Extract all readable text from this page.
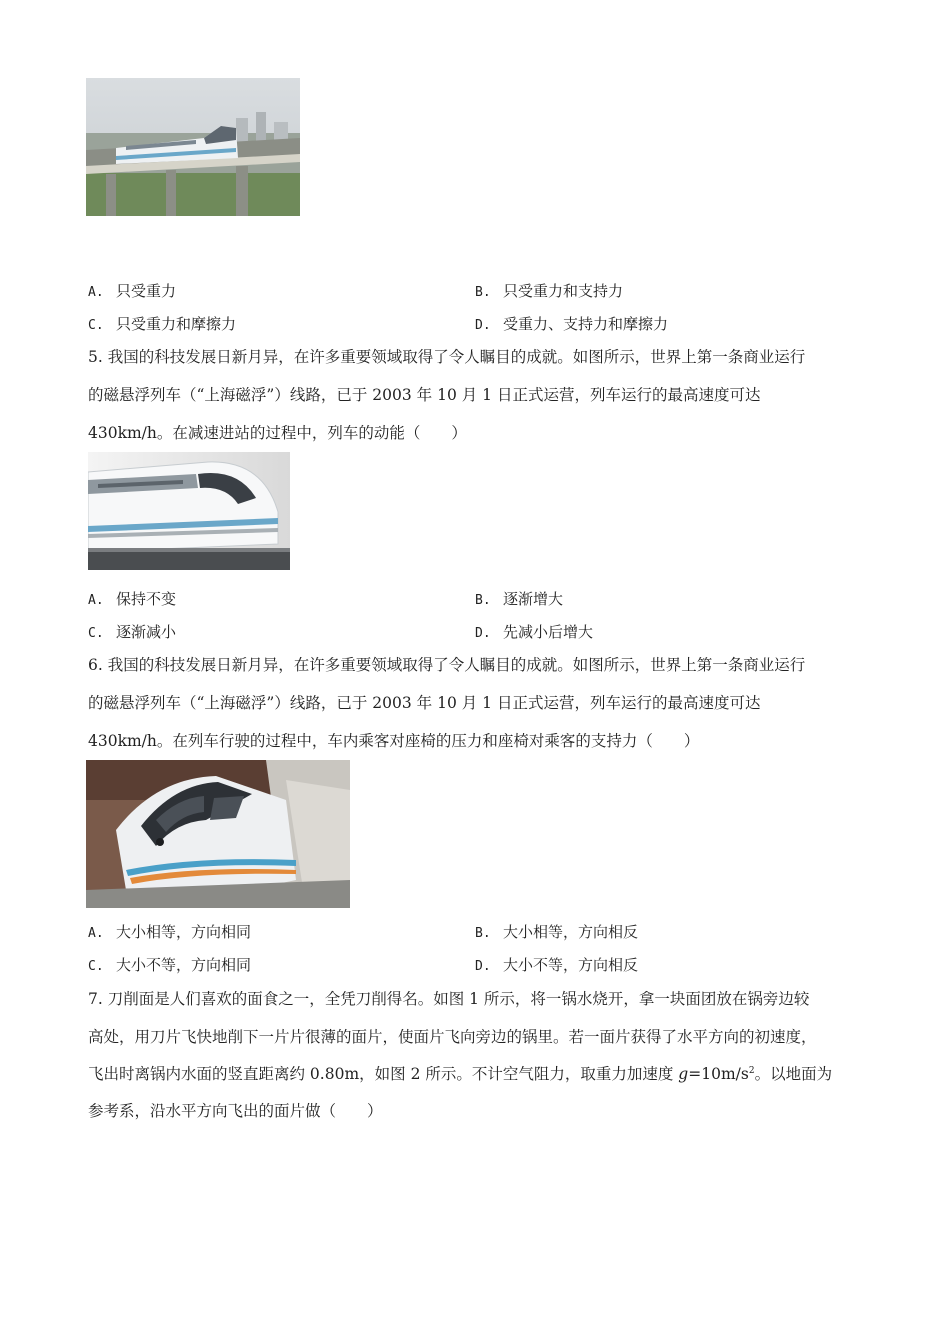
A. 只受重力	B. 只受重力和支持力
C. 只受重力和摩擦力	D. 受重力、支持力和摩擦力
5. 我国的科技发展日新月异，在许多重要领域取得了令人瞩目的成就。如图所示，世界上第一条商业运行
的磁悬浮列车（“上海磁浮”）线路，已于 2003 年 10 月 1 日正式运营，列车运行的最高速度可达
430km/h。在减速进站的过程中，列车的动能（　　）
A. 保持不变	B. 逐渐增大
C. 逐渐减小	D. 先减小后增大
6. 我国的科技发展日新月异，在许多重要领域取得了令人瞩目的成就。如图所示，世界上第一条商业运行
的磁悬浮列车（“上海磁浮”）线路，已于 2003 年 10 月 1 日正式运营，列车运行的最高速度可达
430km/h。在列车行驶的过程中，车内乘客对座椅的压力和座椅对乘客的支持力（　　）
A. 大小相等，方向相同	B. 大小相等，方向相反
C. 大小不等，方向相同	D. 大小不等，方向相反
7. 刀削面是人们喜欢的面食之一，全凭刀削得名。如图 1 所示，将一锅水烧开，拿一块面团放在锅旁边较
高处，用刀片飞快地削下一片片很薄的面片，使面片飞向旁边的锅里。若一面片获得了水平方向的初速度，
飞出时离锅内水面的竖直距离约 0.80m，如图 2 所示。不计空气阻力，取重力加速度 $g=10m/s^2$。以地面为
参考系，沿水平方向飞出的面片做（　　）
